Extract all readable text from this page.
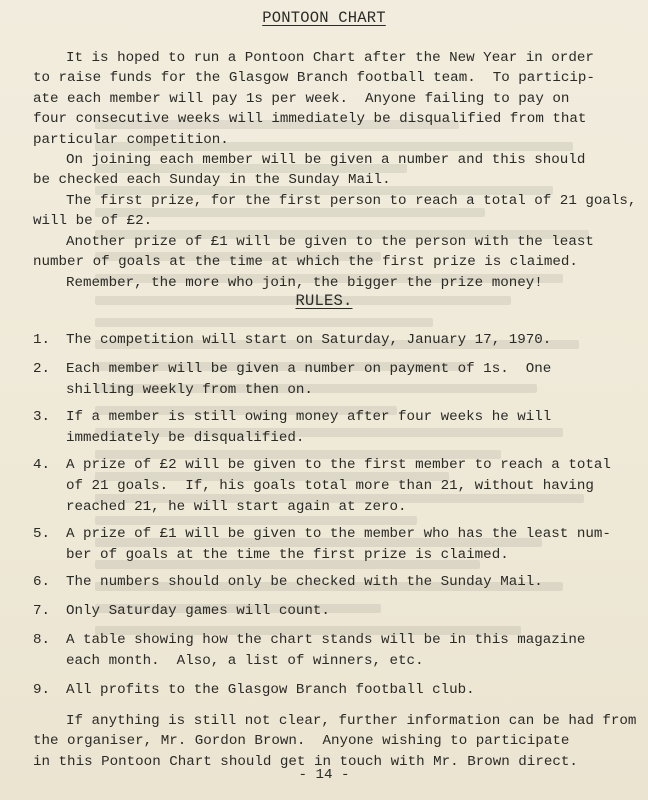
PONTOON CHART

It is hoped to run a Pontoon Chart after the New Year in order
to raise funds for the Glasgow Branch football team.  To particip-
ate each member will pay 1s per week.  Anyone failing to pay on
four consecutive weeks will immediately be disqualified from that
particular competition.

On joining each member will be given a number and this should
be checked each Sunday in the Sunday Mail.

The first prize, for the first person to reach a total of 21 goals,
will be of £2.

Another prize of £1 will be given to the person with the least
number of goals at the time at which the first prize is claimed.

Remember, the more who join, the bigger the prize money!

RULES.
1.	The competition will start on Saturday, January 17, 1970.
2.	Each member will be given a number on payment of 1s.  One
shilling weekly from then on.
3.	If a member is still owing money after four weeks he will
immediately be disqualified.
4.	A prize of £2 will be given to the first member to reach a total
of 21 goals.  If, his goals total more than 21, without having
reached 21, he will start again at zero.
5.	A prize of £1 will be given to the member who has the least num-
ber of goals at the time the first prize is claimed.
6.	The numbers should only be checked with the Sunday Mail.
7.	Only Saturday games will count.
8.	A table showing how the chart stands will be in this magazine
each month.  Also, a list of winners, etc.
9.	All profits to the Glasgow Branch football club.

If anything is still not clear, further information can be had from
the organiser, Mr. Gordon Brown.  Anyone wishing to participate
in this Pontoon Chart should get in touch with Mr. Brown direct.

- 14 -
